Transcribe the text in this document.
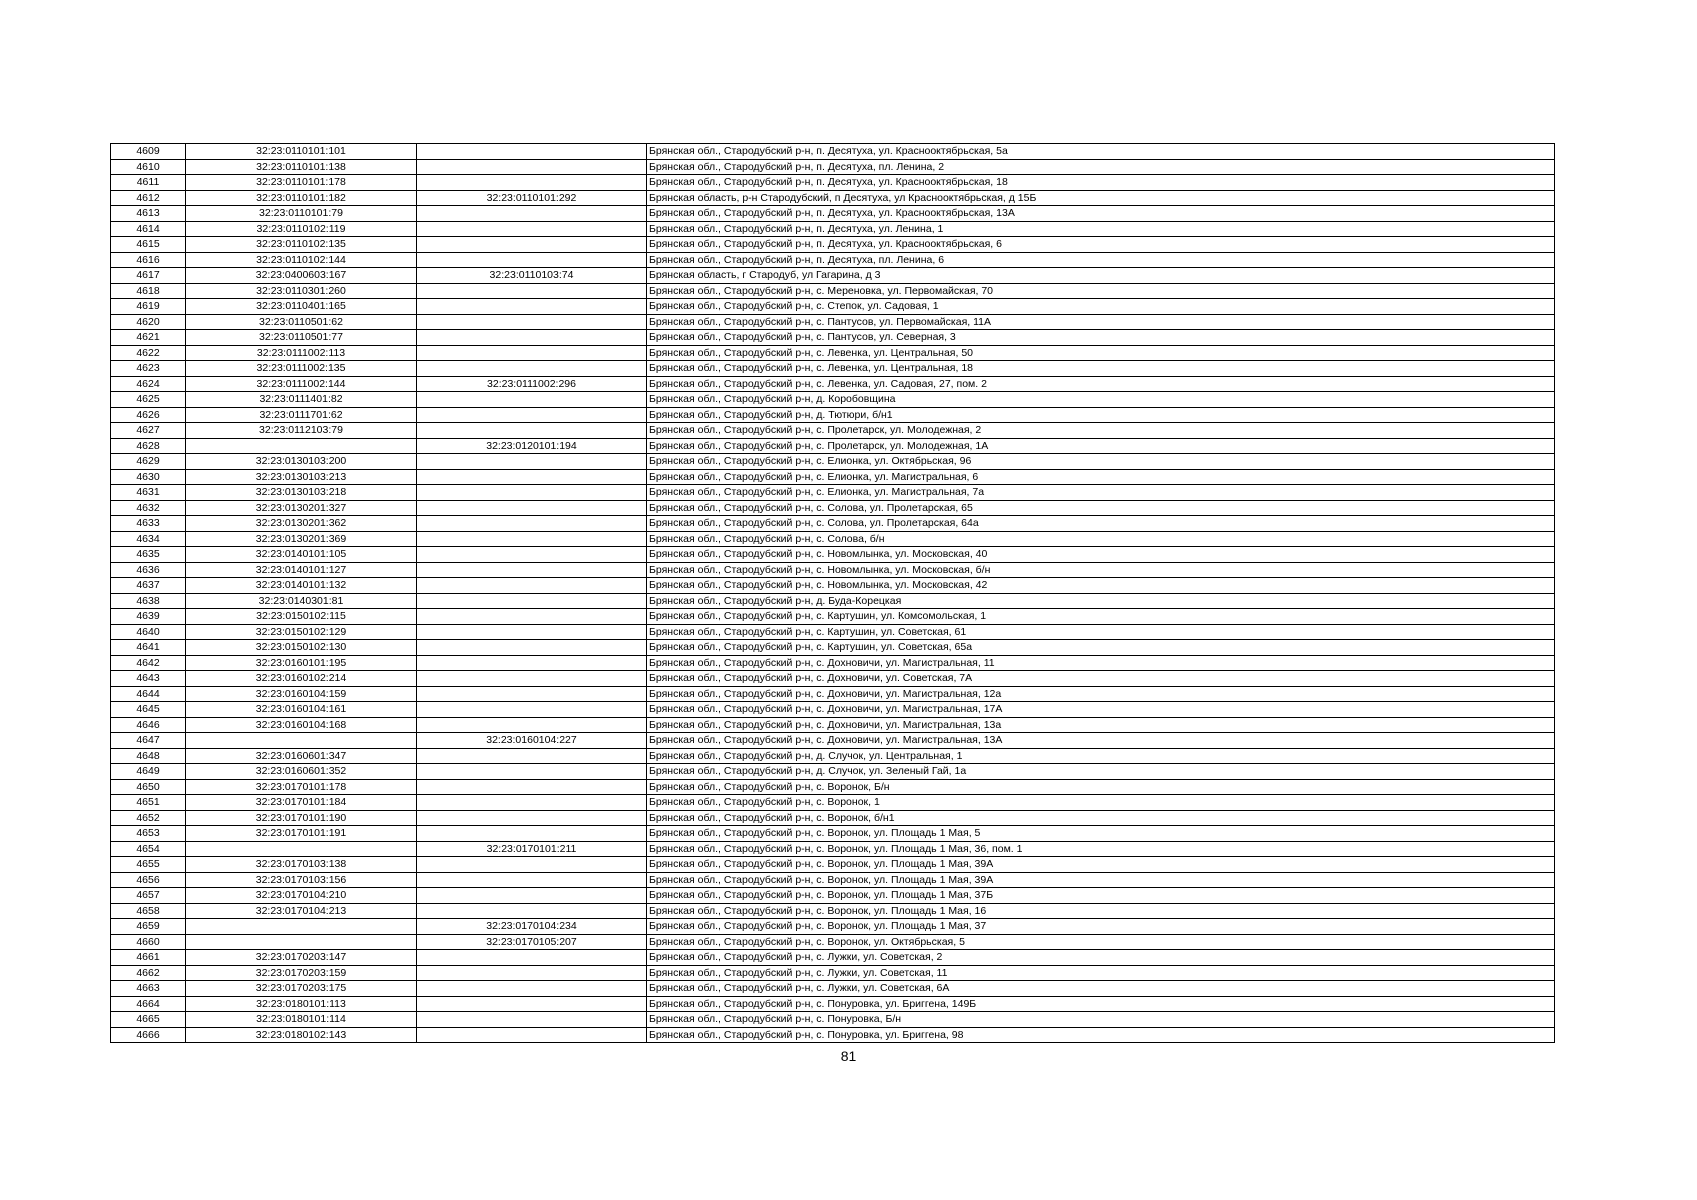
4609	32:23:0110101:101		Брянская обл., Стародубский р-н, п. Десятуха, ул. Краснооктябрьская, 5а
4610	32:23:0110101:138		Брянская обл., Стародубский р-н, п. Десятуха, пл. Ленина, 2
4611	32:23:0110101:178		Брянская обл., Стародубский р-н, п. Десятуха, ул. Краснооктябрьская, 18
4612	32:23:0110101:182	32:23:0110101:292	Брянская область, р-н Стародубский, п Десятуха, ул Краснооктябрьская, д 15Б
4613	32:23:0110101:79		Брянская обл., Стародубский р-н, п. Десятуха, ул. Краснооктябрьская, 13А
4614	32:23:0110102:119		Брянская обл., Стародубский р-н, п. Десятуха, ул. Ленина, 1
4615	32:23:0110102:135		Брянская обл., Стародубский р-н, п. Десятуха, ул. Краснооктябрьская, 6
4616	32:23:0110102:144		Брянская обл., Стародубский р-н, п. Десятуха, пл. Ленина, 6
4617	32:23:0400603:167	32:23:0110103:74	Брянская область, г Стародуб, ул Гагарина, д 3
4618	32:23:0110301:260		Брянская обл., Стародубский р-н, с. Мереновка, ул. Первомайская, 70
4619	32:23:0110401:165		Брянская обл., Стародубский р-н, с. Степок, ул. Садовая, 1
4620	32:23:0110501:62		Брянская обл., Стародубский р-н, с. Пантусов, ул. Первомайская, 11А
4621	32:23:0110501:77		Брянская обл., Стародубский р-н, с. Пантусов, ул. Северная, 3
4622	32:23:0111002:113		Брянская обл., Стародубский р-н, с. Левенка, ул. Центральная, 50
4623	32:23:0111002:135		Брянская обл., Стародубский р-н, с. Левенка, ул. Центральная, 18
4624	32:23:0111002:144	32:23:0111002:296	Брянская обл., Стародубский р-н, с. Левенка, ул. Садовая, 27, пом. 2
4625	32:23:0111401:82		Брянская обл., Стародубский р-н, д. Коробовщина
4626	32:23:0111701:62		Брянская обл., Стародубский р-н, д. Тютюри, б/н1
4627	32:23:0112103:79		Брянская обл., Стародубский р-н, с. Пролетарск, ул. Молодежная, 2
4628		32:23:0120101:194	Брянская обл., Стародубский р-н, с. Пролетарск, ул. Молодежная, 1А
4629	32:23:0130103:200		Брянская обл., Стародубский р-н, с. Елионка, ул. Октябрьская, 96
4630	32:23:0130103:213		Брянская обл., Стародубский р-н, с. Елионка, ул. Магистральная, 6
4631	32:23:0130103:218		Брянская обл., Стародубский р-н, с. Елионка, ул. Магистральная, 7а
4632	32:23:0130201:327		Брянская обл., Стародубский р-н, с. Солова, ул. Пролетарская, 65
4633	32:23:0130201:362		Брянская обл., Стародубский р-н, с. Солова, ул. Пролетарская, 64а
4634	32:23:0130201:369		Брянская обл., Стародубский р-н, с. Солова, б/н
4635	32:23:0140101:105		Брянская обл., Стародубский р-н, с. Новомлынка, ул. Московская, 40
4636	32:23:0140101:127		Брянская обл., Стародубский р-н, с. Новомлынка, ул. Московская, б/н
4637	32:23:0140101:132		Брянская обл., Стародубский р-н, с. Новомлынка, ул. Московская, 42
4638	32:23:0140301:81		Брянская обл., Стародубский р-н, д. Буда-Корецкая
4639	32:23:0150102:115		Брянская обл., Стародубский р-н, с. Картушин, ул. Комсомольская, 1
4640	32:23:0150102:129		Брянская обл., Стародубский р-н, с. Картушин, ул. Советская, 61
4641	32:23:0150102:130		Брянская обл., Стародубский р-н, с. Картушин, ул. Советская, 65а
4642	32:23:0160101:195		Брянская обл., Стародубский р-н, с. Дохновичи, ул. Магистральная, 11
4643	32:23:0160102:214		Брянская обл., Стародубский р-н, с. Дохновичи, ул. Советская, 7А
4644	32:23:0160104:159		Брянская обл., Стародубский р-н, с. Дохновичи, ул. Магистральная, 12а
4645	32:23:0160104:161		Брянская обл., Стародубский р-н, с. Дохновичи, ул. Магистральная, 17А
4646	32:23:0160104:168		Брянская обл., Стародубский р-н, с. Дохновичи, ул. Магистральная, 13а
4647		32:23:0160104:227	Брянская обл., Стародубский р-н, с. Дохновичи, ул. Магистральная, 13А
4648	32:23:0160601:347		Брянская обл., Стародубский р-н, д. Случок, ул. Центральная, 1
4649	32:23:0160601:352		Брянская обл., Стародубский р-н, д. Случок, ул. Зеленый Гай, 1а
4650	32:23:0170101:178		Брянская обл., Стародубский р-н, с. Воронок, Б/н
4651	32:23:0170101:184		Брянская обл., Стародубский р-н, с. Воронок, 1
4652	32:23:0170101:190		Брянская обл., Стародубский р-н, с. Воронок, б/н1
4653	32:23:0170101:191		Брянская обл., Стародубский р-н, с. Воронок, ул. Площадь 1 Мая, 5
4654		32:23:0170101:211	Брянская обл., Стародубский р-н, с. Воронок, ул. Площадь 1 Мая, 36, пом. 1
4655	32:23:0170103:138		Брянская обл., Стародубский р-н, с. Воронок, ул. Площадь 1 Мая, 39А
4656	32:23:0170103:156		Брянская обл., Стародубский р-н, с. Воронок, ул. Площадь 1 Мая, 39А
4657	32:23:0170104:210		Брянская обл., Стародубский р-н, с. Воронок, ул. Площадь 1 Мая, 37Б
4658	32:23:0170104:213		Брянская обл., Стародубский р-н, с. Воронок, ул. Площадь 1 Мая, 16
4659		32:23:0170104:234	Брянская обл., Стародубский р-н, с. Воронок, ул. Площадь 1 Мая, 37
4660		32:23:0170105:207	Брянская обл., Стародубский р-н, с. Воронок, ул. Октябрьская, 5
4661	32:23:0170203:147		Брянская обл., Стародубский р-н, с. Лужки, ул. Советская, 2
4662	32:23:0170203:159		Брянская обл., Стародубский р-н, с. Лужки, ул. Советская, 11
4663	32:23:0170203:175		Брянская обл., Стародубский р-н, с. Лужки, ул. Советская, 6А
4664	32:23:0180101:113		Брянская обл., Стародубский р-н, с. Понуровка, ул. Бриггена, 149Б
4665	32:23:0180101:114		Брянская обл., Стародубский р-н, с. Понуровка, Б/н
4666	32:23:0180102:143		Брянская обл., Стародубский р-н, с. Понуровка, ул. Бриггена, 98
81
